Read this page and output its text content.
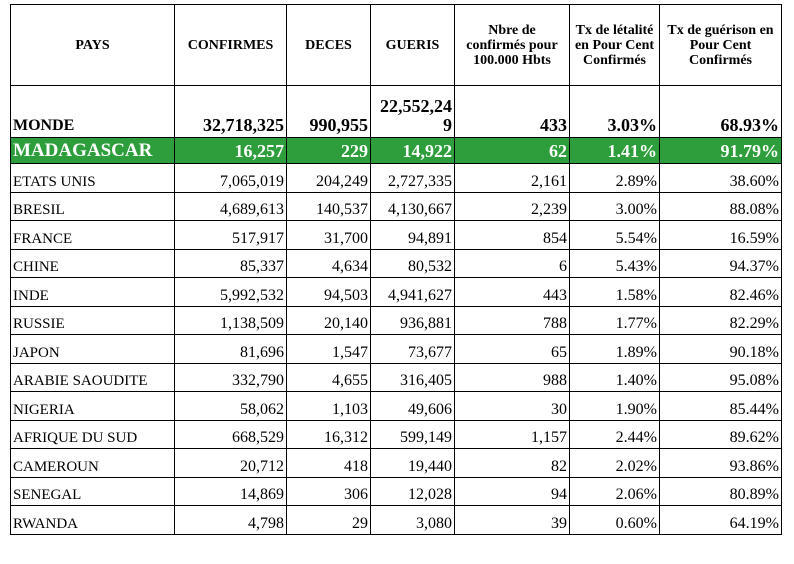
PAYS	CONFIRMES	DECES	GUERIS	Nbre de confirmés pour 100.000 Hbts	Tx de létalité en Pour Cent Confirmés	Tx de guérison en Pour Cent Confirmés
MONDE	32,718,325	990,955	22,552,249	433	3.03%	68.93%
MADAGASCAR	16,257	229	14,922	62	1.41%	91.79%
ETATS UNIS	7,065,019	204,249	2,727,335	2,161	2.89%	38.60%
BRESIL	4,689,613	140,537	4,130,667	2,239	3.00%	88.08%
FRANCE	517,917	31,700	94,891	854	5.54%	16.59%
CHINE	85,337	4,634	80,532	6	5.43%	94.37%
INDE	5,992,532	94,503	4,941,627	443	1.58%	82.46%
RUSSIE	1,138,509	20,140	936,881	788	1.77%	82.29%
JAPON	81,696	1,547	73,677	65	1.89%	90.18%
ARABIE SAOUDITE	332,790	4,655	316,405	988	1.40%	95.08%
NIGERIA	58,062	1,103	49,606	30	1.90%	85.44%
AFRIQUE DU SUD	668,529	16,312	599,149	1,157	2.44%	89.62%
CAMEROUN	20,712	418	19,440	82	2.02%	93.86%
SENEGAL	14,869	306	12,028	94	2.06%	80.89%
RWANDA	4,798	29	3,080	39	0.60%	64.19%
